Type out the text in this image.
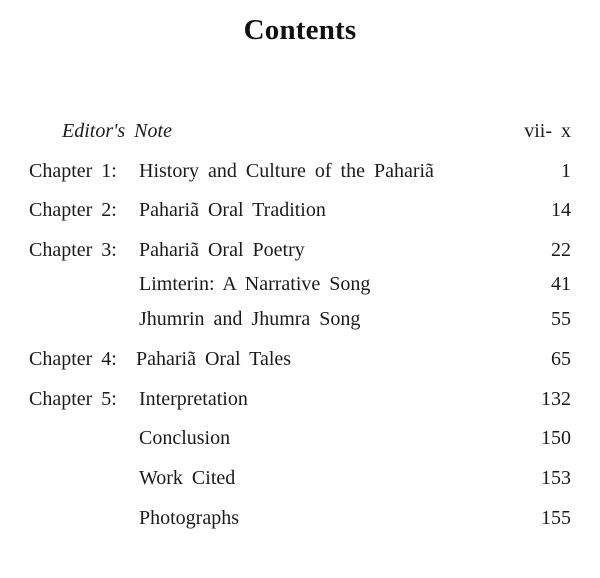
Contents
Editor's Note	vii- x
Chapter 1: History and Culture of the Pahariã	1
Chapter 2: Pahariã Oral Tradition	14
Chapter 3: Pahariã Oral Poetry	22
Limterin: A Narrative Song	41
Jhumrin and Jhumra Song	55
Chapter 4: Pahariã Oral Tales	65
Chapter 5: Interpretation	132
Conclusion	150
Work Cited	153
Photographs	155
